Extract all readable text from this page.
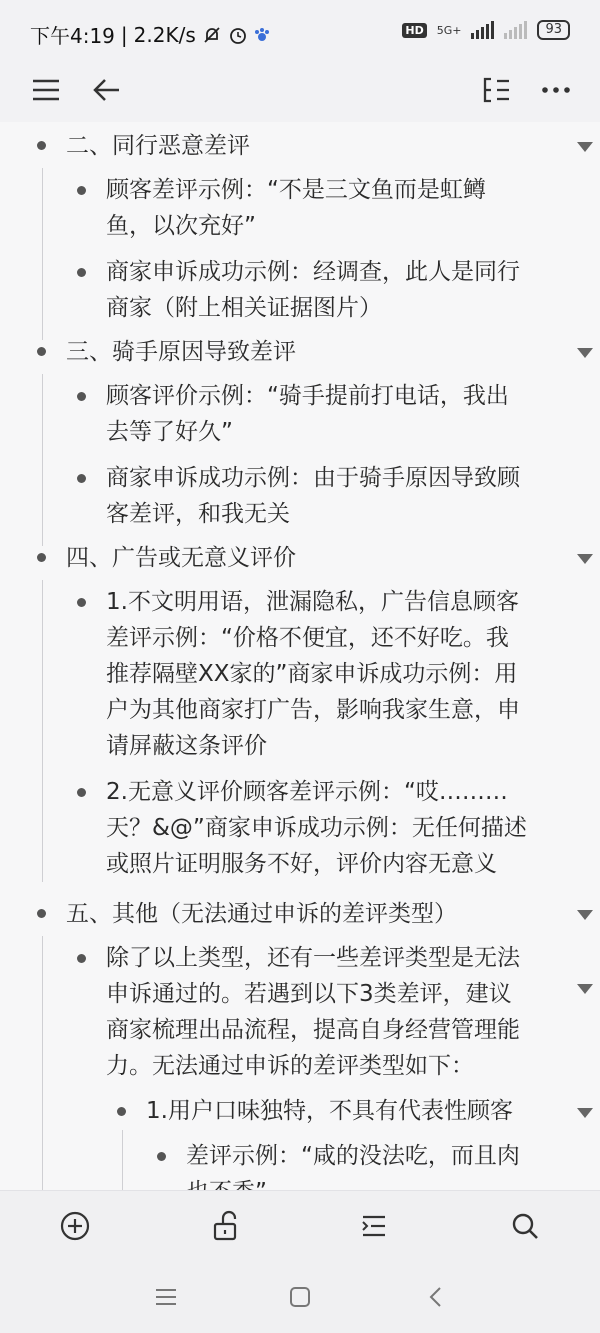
下午4:19 | 2.2K/s	HD 5G+	93
二、同行恶意差评
顾客差评示例：“不是三文鱼而是虹鳟
鱼，以次充好”
商家申诉成功示例：经调查，此人是同行
商家（附上相关证据图片）
三、骑手原因导致差评
顾客评价示例：“骑手提前打电话，我出
去等了好久”
商家申诉成功示例：由于骑手原因导致顾
客差评，和我无关
四、广告或无意义评价
1.不文明用语，泄漏隐私，广告信息顾客
差评示例：“价格不便宜，还不好吃。我
推荐隔壁XX家的”商家申诉成功示例：用
户为其他商家打广告，影响我家生意，申
请屏蔽这条评价
2.无意义评价顾客差评示例：“哎………
天？&@”商家申诉成功示例：无任何描述
或照片证明服务不好，评价内容无意义
五、其他（无法通过申诉的差评类型）
除了以上类型，还有一些差评类型是无法
申诉通过的。若遇到以下3类差评，建议
商家梳理出品流程，提高自身经营管理能
力。无法通过申诉的差评类型如下：
1.用户口味独特，不具有代表性顾客
差评示例：“咸的没法吃，而且肉
